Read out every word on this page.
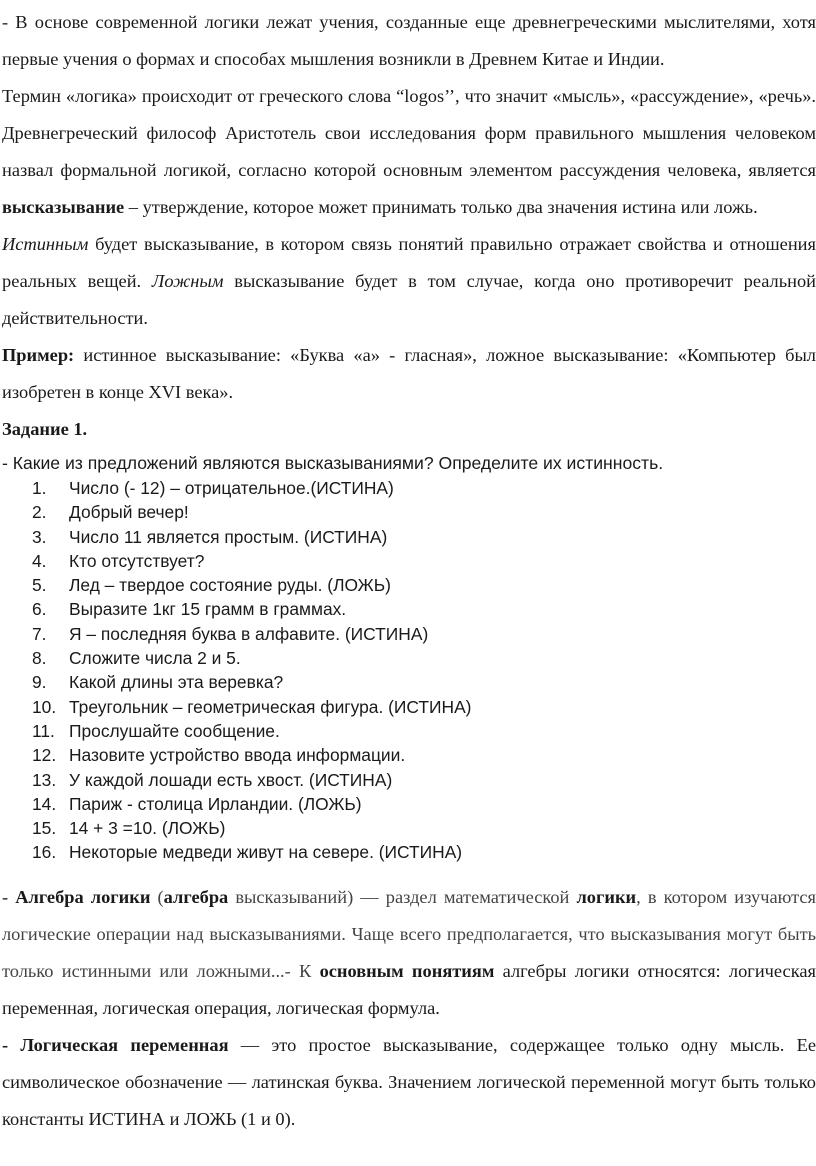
- В основе современной логики лежат учения, созданные еще древнегреческими мыслителями, хотя первые учения о формах и способах мышления возникли в Древнем Китае и Индии.

Термин «логика» происходит от греческого слова “logos’’, что значит «мысль», «рассуждение», «речь». Древнегреческий философ Аристотель свои исследования форм правильного мышления человеком назвал формальной логикой, согласно которой основным элементом рассуждения человека, является высказывание – утверждение, которое может принимать только два значения истина или ложь.

Истинным будет высказывание, в котором связь понятий правильно отражает свойства и отношения реальных вещей. Ложным высказывание будет в том случае, когда оно противоречит реальной действительности.

Пример: истинное высказывание: «Буква «а» - гласная», ложное высказывание: «Компьютер был изобретен в конце XVI века».

Задание 1.

- Какие из предложений являются высказываниями? Определите их истинность.

1.	Число (- 12) – отрицательное.(ИСТИНА)
2.	Добрый вечер!
3.	Число 11 является простым. (ИСТИНА)
4.	Кто отсутствует?
5.	Лед – твердое состояние руды. (ЛОЖЬ)
6.	Выразите 1кг 15 грамм в граммах.
7.	Я – последняя буква в алфавите. (ИСТИНА)
8.	Сложите числа 2 и 5.
9.	Какой длины эта веревка?
10. Треугольник – геометрическая фигура. (ИСТИНА)
11. Прослушайте сообщение.
12. Назовите устройство ввода информации.
13. У каждой лошади есть хвост. (ИСТИНА)
14. Париж - столица Ирландии. (ЛОЖЬ)
15. 14 + 3 =10. (ЛОЖЬ)
16. Некоторые медведи живут на севере. (ИСТИНА)

- Алгебра логики (алгебра высказываний) — раздел математической логики, в котором изучаются логические операции над высказываниями. Чаще всего предполагается, что высказывания могут быть только истинными или ложными...- К основным понятиям алгебры логики относятся: логическая переменная, логическая операция, логическая формула.

- Логическая переменная — это простое высказывание, содержащее только одну мысль. Ее символическое обозначение — латинская буква. Значением логической переменной могут быть только константы ИСТИНА и ЛОЖЬ (1 и 0).
